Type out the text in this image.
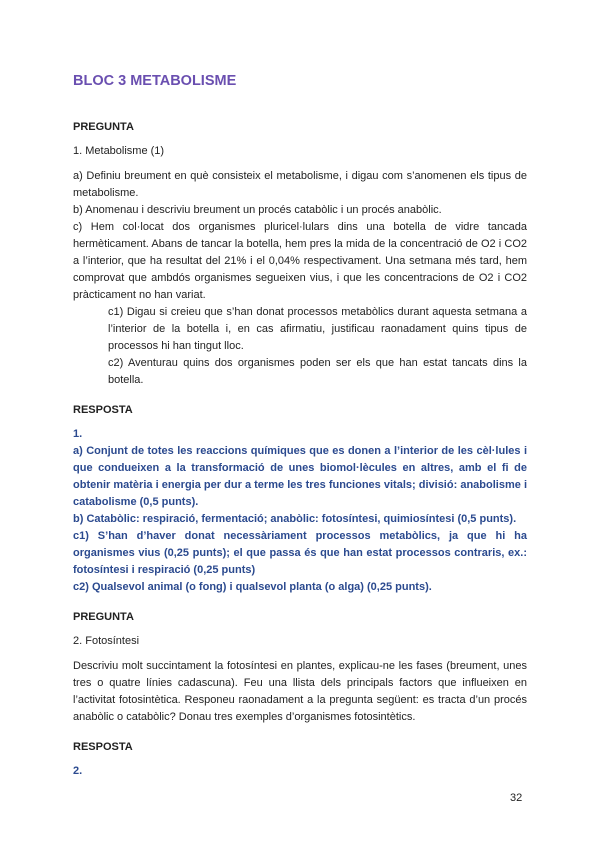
BLOC 3 METABOLISME
PREGUNTA

1. Metabolisme (1)

a) Definiu breument en què consisteix el metabolisme, i digau com s’anomenen els tipus de metabolisme.

b) Anomenau i descriviu breument un procés catabòlic i un procés anabòlic.

c) Hem col·locat dos organismes pluricel·lulars dins una botella de vidre tancada hermèticament. Abans de tancar la botella, hem pres la mida de la concentració de O2 i CO2 a l’interior, que ha resultat del 21% i el 0,04% respectivament. Una setmana més tard, hem comprovat que ambdós organismes segueixen vius, i que les concentracions de O2 i CO2 pràcticament no han variat.

c1) Digau si creieu que s’han donat processos metabòlics durant aquesta setmana a l’interior de la botella i, en cas afirmatiu, justificau raonadament quins tipus de processos hi han tingut lloc.

c2) Aventurau quins dos organismes poden ser els que han estat tancats dins la botella.

RESPOSTA

1.

a) Conjunt de totes les reaccions químiques que es donen a l’interior de les cèl·lules i que condueixen a la transformació de unes biomol·lècules en altres, amb el fi de obtenir matèria i energia per dur a terme les tres funciones vitals; divisió: anabolisme i catabolisme (0,5 punts).

b) Catabòlic: respiració, fermentació; anabòlic: fotosíntesi, quimiosíntesi (0,5 punts).

c1) S’han d’haver donat necessàriament processos metabòlics, ja que hi ha organismes vius (0,25 punts); el que passa és que han estat processos contraris, ex.: fotosíntesi i respiració (0,25 punts)

c2) Qualsevol animal (o fong) i qualsevol planta (o alga) (0,25 punts).

PREGUNTA

2. Fotosíntesi

Descriviu molt succintament la fotosíntesi en plantes, explicau-ne les fases (breument, unes tres o quatre línies cadascuna). Feu una llista dels principals factors que influeixen en l’activitat fotosintètica. Responeu raonadament a la pregunta següent: es tracta d’un procés anabòlic o catabòlic? Donau tres exemples d’organismes fotosintètics.

RESPOSTA

2.

32
